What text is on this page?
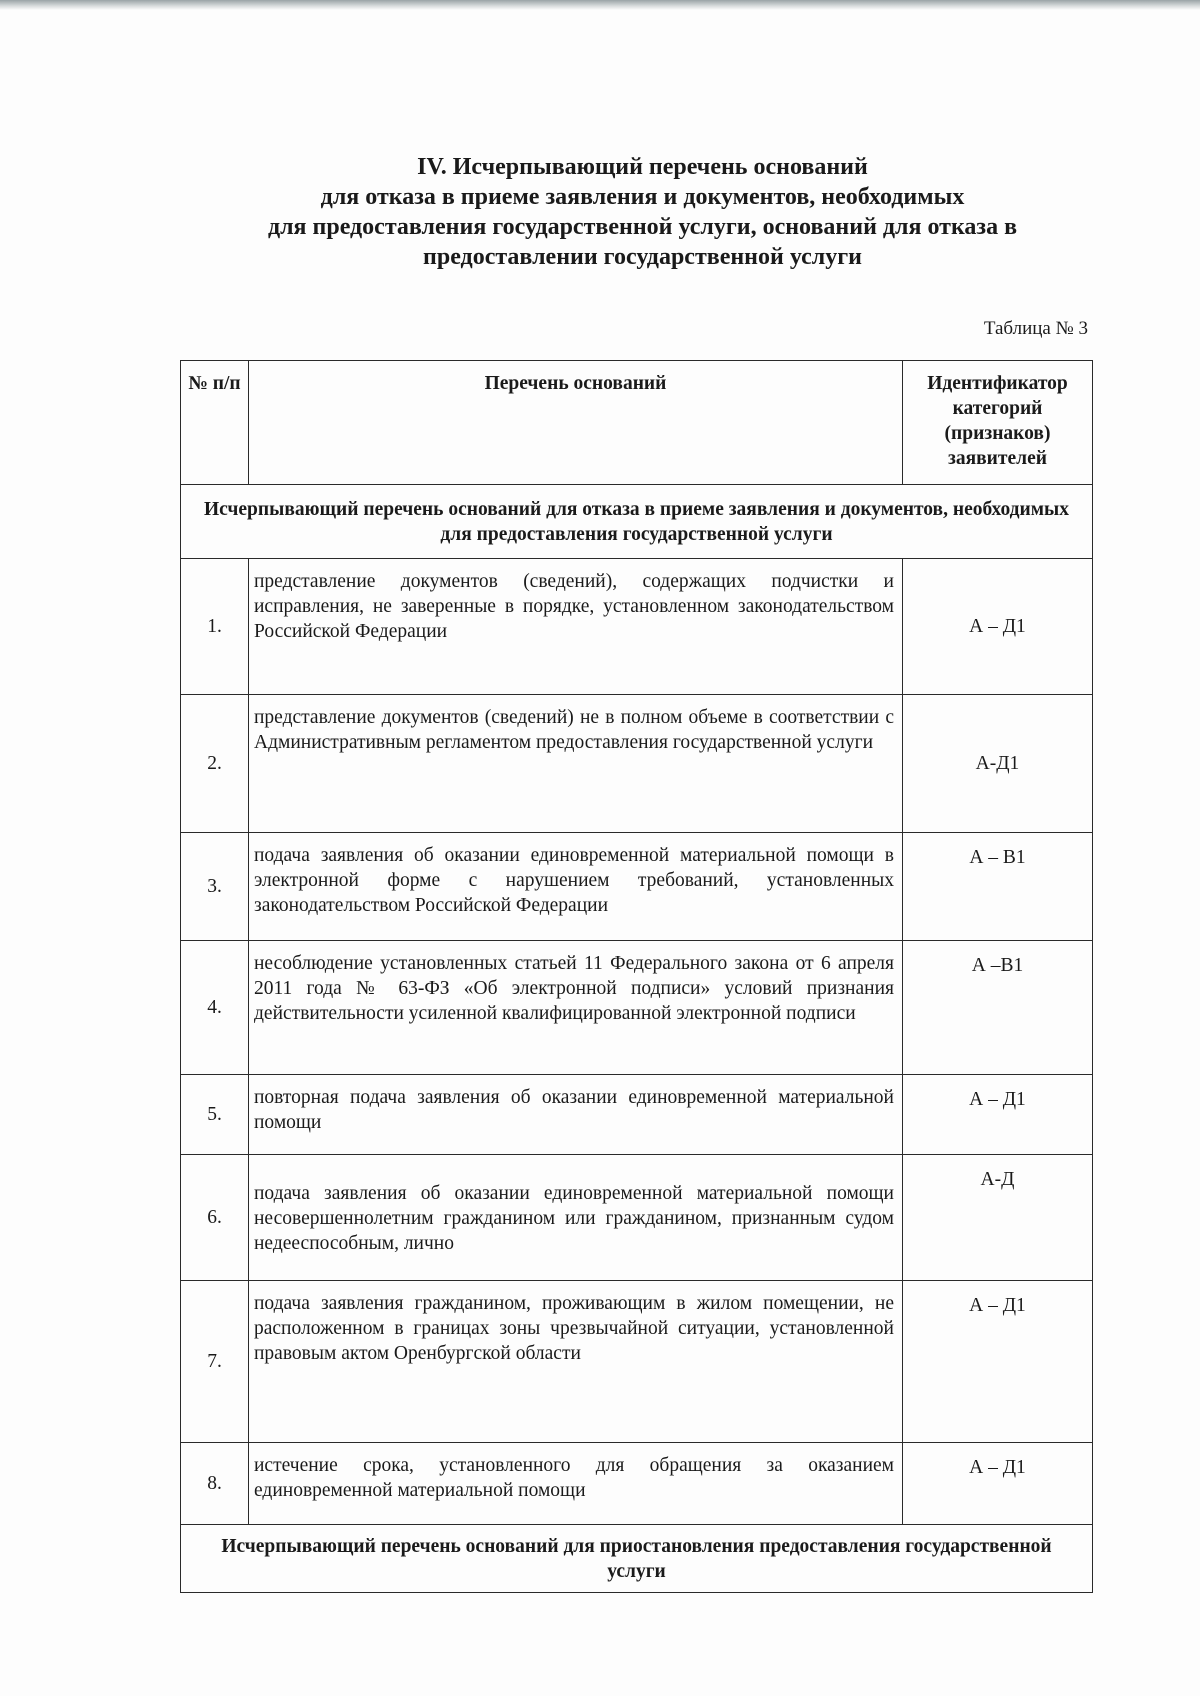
IV. Исчерпывающий перечень оснований
для отказа в приеме заявления и документов, необходимых
для предоставления государственной услуги, оснований для отказа в
предоставлении государственной услуги
Таблица № 3
№ п/п	Перечень оснований	Идентификатор категорий (признаков) заявителей
Исчерпывающий перечень оснований для отказа в приеме заявления и документов, необходимых для предоставления государственной услуги		
1.	представление документов (сведений), содержащих подчистки и исправления, не заверенные в порядке, установленном законодательством Российской Федерации	А – Д1
2.	представление документов (сведений) не в полном объеме в соответствии с Административным регламентом предоставления государственной услуги	А-Д1
3.	подача заявления об оказании единовременной материальной помощи в электронной форме с нарушением требований, установленных законодательством Российской Федерации	А – В1
4.	несоблюдение установленных статьей 11 Федерального закона от 6 апреля 2011 года № 63-ФЗ «Об электронной подписи» условий признания действительности усиленной квалифицированной электронной подписи	А –В1
5.	повторная подача заявления об оказании единовременной материальной помощи	А – Д1
6.	подача заявления об оказании единовременной материальной помощи несовершеннолетним гражданином или гражданином, признанным судом недееспособным, лично	А-Д
7.	подача заявления гражданином, проживающим в жилом помещении, не расположенном в границах зоны чрезвычайной ситуации, установленной правовым актом Оренбургской области	А – Д1
8.	истечение срока, установленного для обращения за оказанием единовременной материальной помощи	А – Д1
Исчерпывающий перечень оснований для приостановления предоставления государственной услуги		
